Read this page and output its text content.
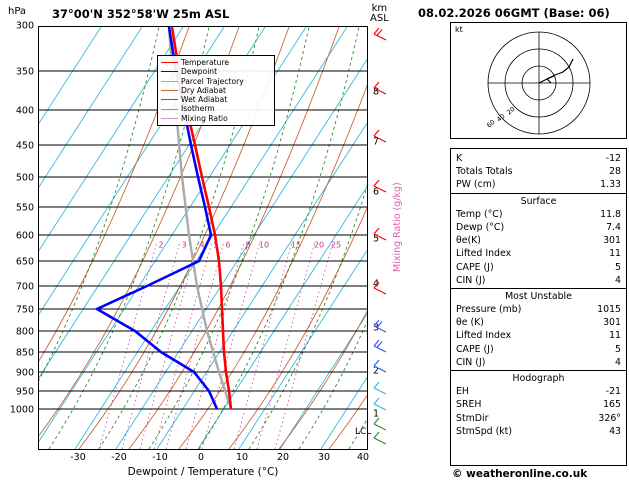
hPa 37°00'N 352°58'W 25m ASL	km
ASL
300
350
400
450
500
550
600
650
700
750
800
850
900
950
1000
2 3 4 5 6 8 10	15 20 25
Temperature
Dewpoint
Parcel Trajectory
Dry Adiabat
Wet Adiabat
Isotherm
Mixing Ratio
-30	-20	-10	0	10	20	30	40
Dewpoint / Temperature (°C)
8
7
6
5
4
3
2
1
Mixing Ratio (g/kg)
LCL
08.02.2026 06GMT (Base: 06)
kt
20
40
60
K	-12
Totals Totals	28
PW (cm)	1.33
Surface
Temp (°C)	11.8
Dewp (°C)	7.4
θe(K)	301
Lifted Index	11
CAPE (J)	5
CIN (J)	4
Most Unstable
Pressure (mb)	1015
θe (K)	301
Lifted Index	11
CAPE (J)	5
CIN (J)	4
Hodograph
EH	-21
SREH	165
StmDir	326°
StmSpd (kt)	43
© weatheronline.co.uk
